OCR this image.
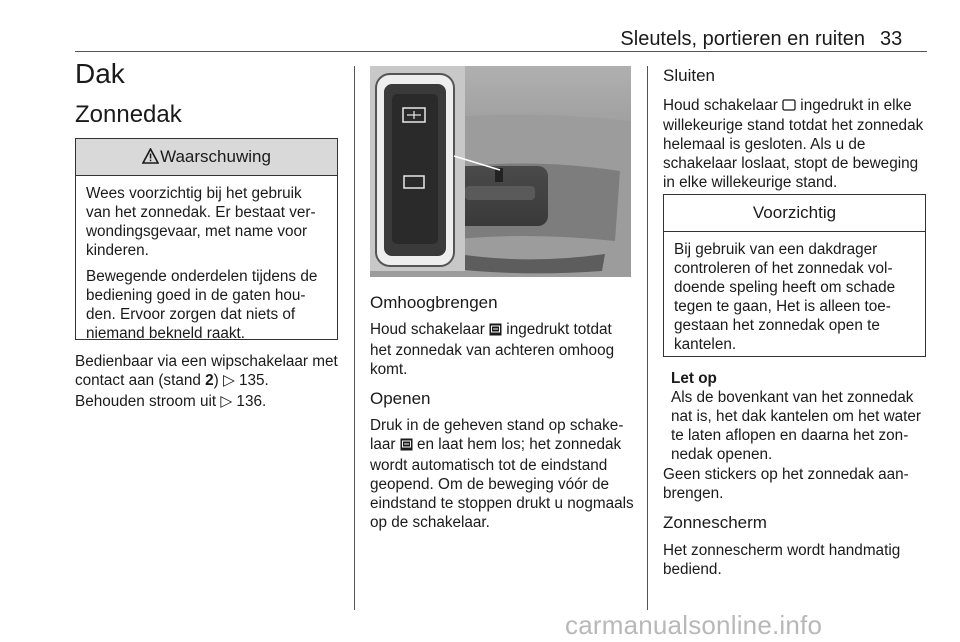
Sleutels, portieren en ruiten 33
Dak
Zonnedak
Waarschuwing

Wees voorzichtig bij het gebruik van het zonnedak. Er bestaat verwondingsgevaar, met name voor kinderen.

Bewegende onderdelen tijdens de bediening goed in de gaten houden. Ervoor zorgen dat niets of niemand bekneld raakt.

Bedienbaar via een wipschakelaar met contact aan (stand 2) ▷ 135.

Behouden stroom uit ▷ 136.

Omhoogbrengen

Houd schakelaar  ingedrukt totdat het zonnedak van achteren omhoog komt.

Openen

Druk in de geheven stand op schakelaar  en laat hem los; het zonnedak wordt automatisch tot de eindstand geopend. Om de beweging vóór de eindstand te stoppen drukt u nogmaals op de schakelaar.

Sluiten

Houd schakelaar  ingedrukt in elke willekeurige stand totdat het zonnedak helemaal is gesloten. Als u de schakelaar loslaat, stopt de beweging in elke willekeurige stand.

Voorzichtig

Bij gebruik van een dakdrager controleren of het zonnedak voldoende speling heeft om schade tegen te gaan, Het is alleen toegestaan het zonnedak open te kantelen.

Let op
Als de bovenkant van het zonnedak nat is, het dak kantelen om het water te laten aflopen en daarna het zonnedak openen.

Geen stickers op het zonnedak aanbrengen.

Zonnescherm

Het zonnescherm wordt handmatig bediend.

carmanualsonline.info
